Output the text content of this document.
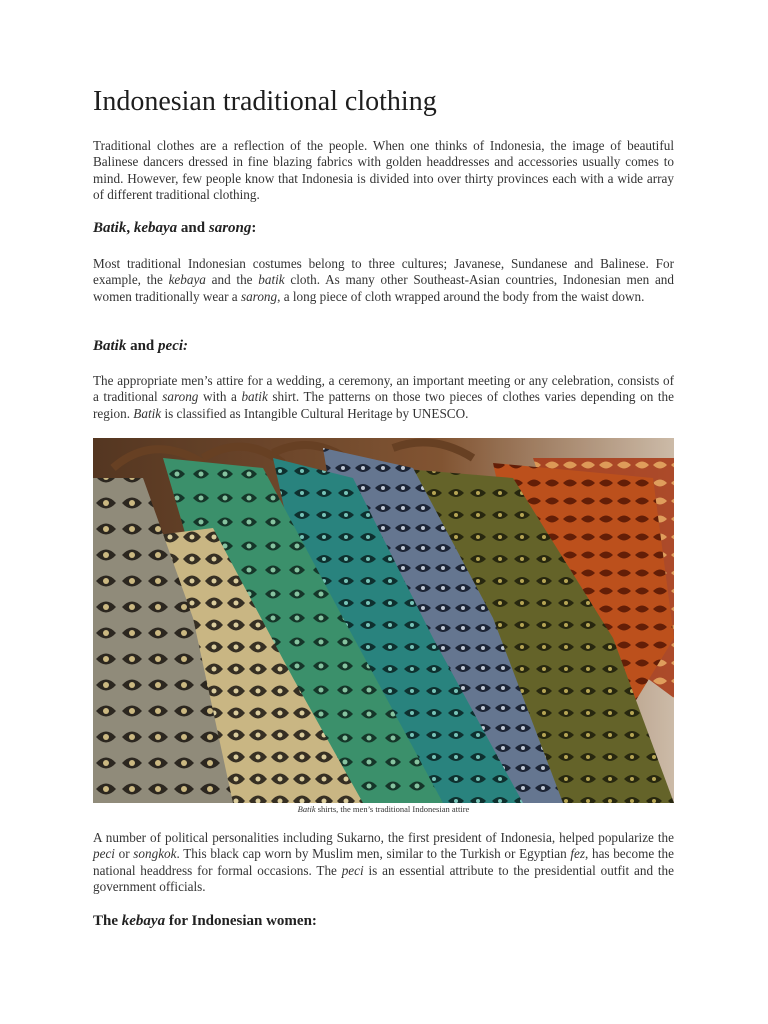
Indonesian traditional clothing

Traditional clothes are a reflection of the people. When one thinks of Indonesia, the image of beautiful Balinese dancers dressed in fine blazing fabrics with golden headdresses and accessories usually comes to mind. However, few people know that Indonesia is divided into over thirty provinces each with a wide array of different traditional clothing.

Batik, kebaya and sarong:

Most traditional Indonesian costumes belong to three cultures; Javanese, Sundanese and Balinese. For example, the kebaya and the batik cloth. As many other Southeast-Asian countries, Indonesian men and women traditionally wear a sarong, a long piece of cloth wrapped around the body from the waist down.

Batik and peci:

The appropriate men’s attire for a wedding, a ceremony, an important meeting or any celebration, consists of a traditional sarong with a batik shirt. The patterns on those two pieces of clothes varies depending on the region. Batik is classified as Intangible Cultural Heritage by UNESCO.

Batik shirts, the men’s traditional Indonesian attire

A number of political personalities including Sukarno, the first president of Indonesia, helped popularize the peci or songkok. This black cap worn by Muslim men, similar to the Turkish or Egyptian fez, has become the national headdress for formal occasions. The peci is an essential attribute to the presidential outfit and the government officials.

The kebaya for Indonesian women:
